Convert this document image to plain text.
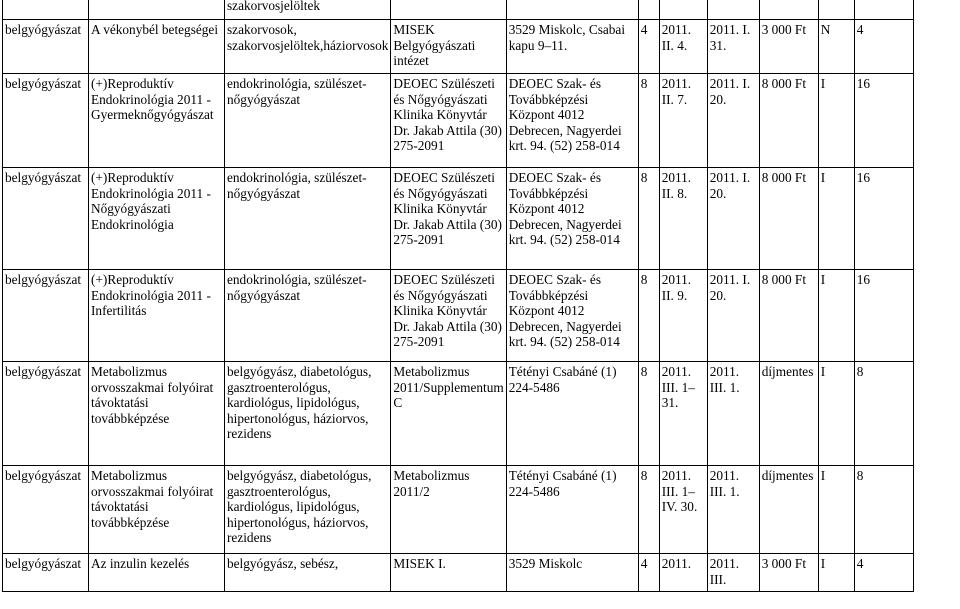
		szakorvosjelöltek

belgyógyászat	A vékonybél betegségei	szakorvosok, szakorvosjelöltek,háziorvosok	MISEK Belgyógyászati intézet	3529 Miskolc, Csabai kapu 9–11.	4	2011. II. 4.	2011. I. 31.	3 000 Ft	N	4

belgyógyászat	(+)Reproduktív Endokrinológia 2011 - Gyermeknőgyógyászat	endokrinológia, szülészet-nőgyógyászat	DEOEC Szülészeti és Nőgyógyászati Klinika Könyvtár Dr. Jakab Attila (30) 275-2091	DEOEC Szak- és Továbbképzési Központ 4012 Debrecen, Nagyerdei krt. 94. (52) 258-014	8	2011. II. 7.	2011. I. 20.	8 000 Ft	I	16

belgyógyászat	(+)Reproduktív Endokrinológia 2011 - Nőgyógyászati Endokrinológia	endokrinológia, szülészet-nőgyógyászat	DEOEC Szülészeti és Nőgyógyászati Klinika Könyvtár Dr. Jakab Attila (30) 275-2091	DEOEC Szak- és Továbbképzési Központ 4012 Debrecen, Nagyerdei krt. 94. (52) 258-014	8	2011. II. 8.	2011. I. 20.	8 000 Ft	I	16

belgyógyászat	(+)Reproduktív Endokrinológia 2011 - Infertilitás	endokrinológia, szülészet-nőgyógyászat	DEOEC Szülészeti és Nőgyógyászati Klinika Könyvtár Dr. Jakab Attila (30) 275-2091	DEOEC Szak- és Továbbképzési Központ 4012 Debrecen, Nagyerdei krt. 94. (52) 258-014	8	2011. II. 9.	2011. I. 20.	8 000 Ft	I	16

belgyógyászat	Metabolizmus orvosszakmai folyóirat távoktatási továbbképzése	belgyógyász, diabetológus, gasztroenterológus, kardiológus, lipidológus, hipertonológus, háziorvos, rezidens	Metabolizmus 2011/Supplementum C	Tétényi Csabáné (1) 224-5486	8	2011. III. 1– 31.	2011. III. 1.	díjmentes	I	8

belgyógyászat	Metabolizmus orvosszakmai folyóirat távoktatási továbbképzése	belgyógyász, diabetológus, gasztroenterológus, kardiológus, lipidológus, hipertonológus, háziorvos, rezidens	Metabolizmus 2011/2	Tétényi Csabáné (1) 224-5486	8	2011. III. 1– IV. 30.	2011. III. 1.	díjmentes	I	8

belgyógyászat	Az inzulin kezelés	belgyógyász, sebész,	MISEK I.	3529 Miskolc	4	2011.	2011. III.	3 000 Ft	I	4
